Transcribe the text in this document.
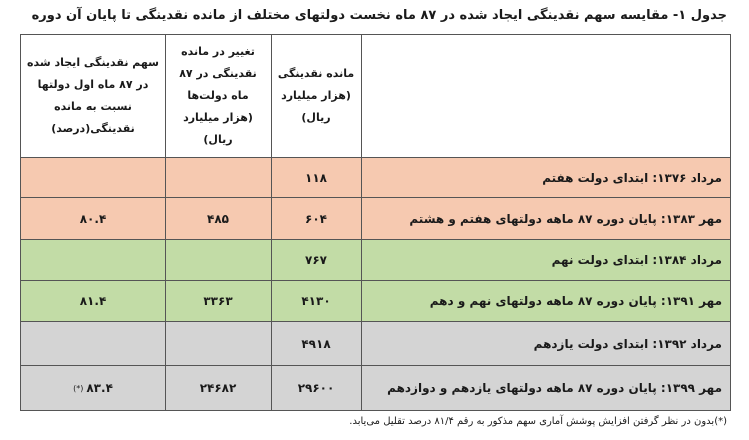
جدول ۱- مقایسه سهم نقدینگی ایجاد شده در ۸۷ ماه نخست دولتهای مختلف از مانده نقدینگی تا پایان آن دوره
مانده نقدینگی (هزار میلیارد ریال)
تغییر در مانده نقدینگی در ۸۷ ماه دولت‌ها (هزار میلیارد ریال)
سهم نقدینگی ایجاد شده در ۸۷ ماه اول دولتها نسبت به مانده نقدینگی(درصد)
مرداد ۱۳۷۶: ابتدای دولت هفتم
۱۱۸
مهر ۱۳۸۳: پایان دوره ۸۷ ماهه دولتهای هفتم و هشتم
۶۰۴
۴۸۵
۸۰.۴
مرداد ۱۳۸۴: ابتدای دولت نهم
۷۶۷
مهر ۱۳۹۱: پایان دوره ۸۷ ماهه دولتهای نهم و دهم
۴۱۳۰
۳۳۶۳
۸۱.۴
مرداد ۱۳۹۲: ابتدای دولت یازدهم
۴۹۱۸
مهر ۱۳۹۹: پایان دوره ۸۷ ماهه دولتهای یازدهم و دوازدهم
۲۹۶۰۰
۲۴۶۸۲
۸۳.۴
(*)
(*)بدون در نظر گرفتن افزایش پوشش آماری سهم مذکور به رقم ۸۱/۴ درصد تقلیل می‌یابد.
